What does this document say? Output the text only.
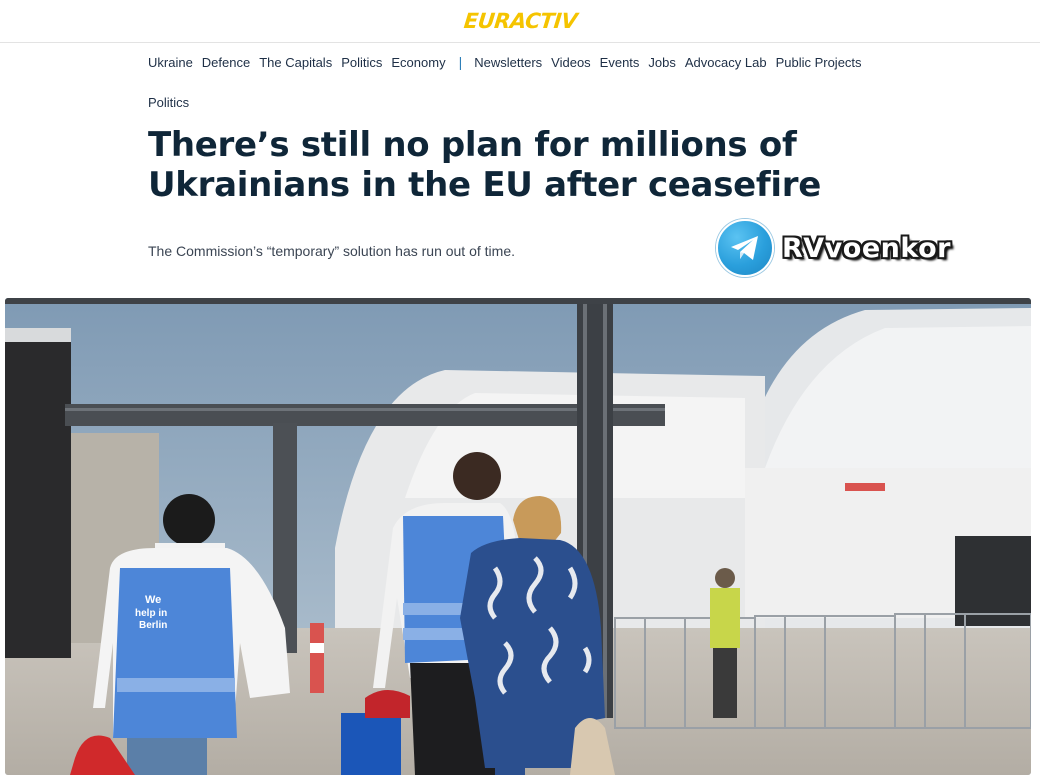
EURACTIV
Ukraine Defence The Capitals Politics Economy | Newsletters Videos Events Jobs Advocacy Lab Public Projects
Politics
There’s still no plan for millions of
Ukrainians in the EU after ceasefire

The Commission’s “temporary” solution has run out of time.	RVvoenkor
We
help in
Berlin
